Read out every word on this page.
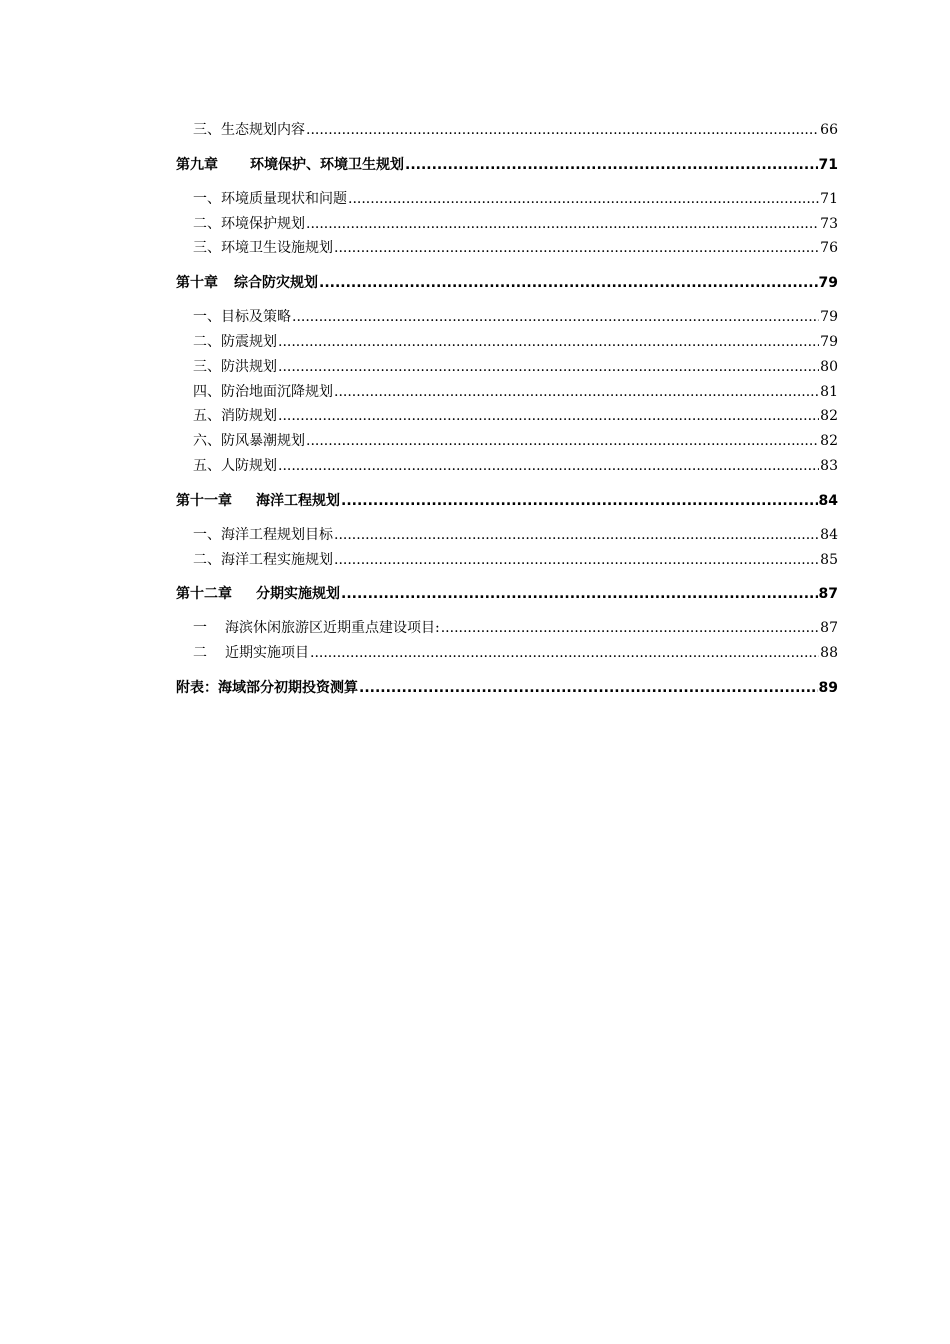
三、生态规划内容 .....	66
第九章 环境保护、环境卫生规划 .....	71
一、环境质量现状和问题 .....	71
二、环境保护规划 .....	73
三、环境卫生设施规划 .....	76
第十章 综合防灾规划 .....	79
一、目标及策略 .....	79
二、防震规划 .....	79
三、防洪规划 .....	80
四、防治地面沉降规划 .....	81
五、消防规划 .....	82
六、防风暴潮规划 .....	82
五、人防规划 .....	83
第十一章 海洋工程规划 .....	84
一、海洋工程规划目标 .....	84
二、海洋工程实施规划 .....	85
第十二章 分期实施规划 .....	87
一 海滨休闲旅游区近期重点建设项目: .....	87
二 近期实施项目 .....	88
附表：海域部分初期投资测算 .....	89
